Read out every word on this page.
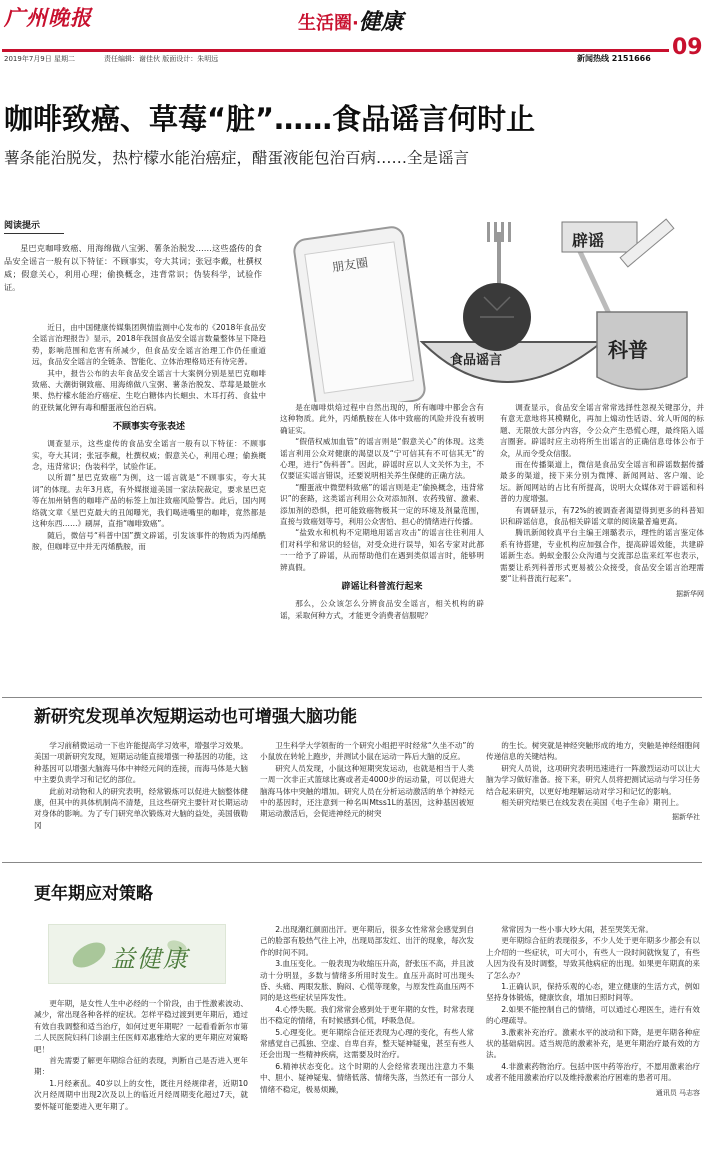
广州晚报	生活圈·健康
09
2019年7月9日 星期二	责任编辑：谢佳伙 版面设计：朱明远	新闻热线 2151666
咖啡致癌、草莓“脏”……食品谣言何时止
薯条能治脱发，热柠檬水能治癌症，醋蛋液能包治百病……全是谣言
阅读提示
星巴克咖啡致癌、用海绵做八宝粥、薯条治脱发……这些盛传的食品安全谣言一般有以下特征：不顾事实，夸大其词；张冠李戴，杜撰权威；假意关心，利用心理；偷换概念，违背常识；伪装科学，试验作证。
朋友圈
食品谣言
辟谣
科普

近日，由中国健康传媒集团舆情监测中心发布的《2018年食品安全谣言治理报告》显示，2018年我国食品安全谣言数量整体呈下降趋势，影响范围和危害有所减少，但食品安全谣言治理工作仍任重道远，食品安全谣言的全链条、智能化、立体治理格局还有待完善。

其中，报告公布的去年食品安全谣言十大案例分别是星巴克咖啡致癌、大潮街铜致癌、用海绵做八宝粥、薯条治脱发、草莓是最脏水果、热柠檬水能治疗癌症、生吃白糖体内长蛔虫、木耳打药、食盐中的亚铁氰化钾有毒和醋蛋液包治百病。

不顾事实夸张表述

调查显示，这些虚传的食品安全谣言一般有以下特征：不顾事实，夸大其词；张冠李戴，杜撰权威；假意关心，利用心理；偷换概念，违背常识；伪装科学，试验作证。

以所谓“星巴克致癌”为例，这一谣言就是“不顾事实，夸大其词”的体现。去年3月底，有外媒报道美国一家法院裁定，要求星巴克等在加州销售的咖啡产品的标签上加注致癌风险警告。此后，国内网络就文章《星巴克最大的丑闻曝光，我们喝进嘴里的咖啡，竟然都是这种东西……》刷屏，直指“咖啡致癌”。

随后，微信号“科普中国”撰文辟谣，引发该事件的物质为丙烯酰胺，但咖啡豆中并无丙烯酰胺，而

是在咖啡烘焙过程中自然出现的，所有咖啡中都会含有这种物质。此外，丙烯酰胺在人体中致癌的风险并没有被明确证实。

“假借权威加血管”的谣言则是“假意关心”的体现。这类谣言利用公众对健康的渴望以及“宁可信其有不可信其无”的心理，进行“伪科普”。因此，辟谣时应以人文关怀为主，不仅要证实谣言错误，还要说明相关养生保健的正确方法。

“醋蛋液中微塑料致癌”的谣言则是走“偷换概念，违背常识”的套路，这类谣言利用公众对添加剂、农药残留、激素、添加剂的恐惧，把可能致癌物极其一定的环境及剂量范围，直接与致癌划等号，利用公众害怕、担心的情绪进行传播。

“盐致水和机构不定期地用谣言攻击”的谣言往往利用人们对科学和常识的轻信，对受众进行误导，知名专家对此都一一给予了辟谣，从而帮助他们在遇到类似谣言时，能够明辨真假。

辟谣让科普流行起来

那么，公众该怎么分辨食品安全谣言，相关机构的辟谣，采取何种方式，才能更令消费者信服呢？

调查显示，食品安全谣言常常选择性忽视关键部分，并有意无意地将其模糊化，再加上煽动性话语、耸人听闻的标题、无限放大部分内容，令公众产生恐慌心理，最终陷入谣言圈套。辟谣时应主动将所生出谣言的正确信息母体公布于众，从而令受众信服。

而在传播渠道上，微信是食品安全谣言和辟谣数据传播最多的渠道，接下来分别为微博、新闻网站、客户端、论坛。新闻网站的占比有所提高，说明大众媒体对于辟谣和科普的力度增强。

有调研显示，有72%的被调查者渴望得到更多的科普知识和辟谣信息，食品相关辟谣文章的阅读量普遍更高。

腾讯新闻较真平台主编王翊璐表示，理性的谣言鉴定体系有待搭建，专业机构应加强合作，提高辟谣效能，共建辟谣新生态。蚂蚁金服公众沟通与交流部总监来红军也表示，需要让系列科普形式更易被公众接受，食品安全谣言治理需要“让科普流行起来”。

据新华网
新研究发现单次短期运动也可增强大脑功能

学习前稍微运动一下也许能提高学习效率，增强学习效果。美国一项新研究发现，短期运动能直接增强一种基因的功能，这种基因可以增强大脑海马体中神经元间的连接，而海马体是大脑中主要负责学习和记忆的部位。

此前对动物和人的研究表明，经常锻炼可以促进大脑整体健康，但其中的具体机制尚不清楚，且这些研究主要针对长期运动对身体的影响。为了专门研究单次锻炼对大脑的益处，美国俄勒冈

卫生科学大学领衔的一个研究小组把平时经常“久坐不动”的小鼠放在转轮上跑步，并测试小鼠在运动一阵后大脑的反应。

研究人员发现，小鼠这种短期突发运动，也就是相当于人类一周一次非正式篮球比赛或者走4000步的运动量，可以促进大脑海马体中突触的增加。研究人员在分析运动激活的单个神经元中的基因时，还注意到一种名叫Mtss1L的基因，这种基因被短期运动激活后，会促进神经元的树突

的生长。树突就是神经突触形成的地方，突触是神经细胞间传递信息的关键结构。

研究人员说，这项研究表明迅速进行一阵激烈运动可以让大脑为学习做好准备。接下来，研究人员将把测试运动与学习任务结合起来研究，以更好地理解运动对学习和记忆的影响。

相关研究结果已在线发表在美国《电子生命》期刊上。

据新华社
更年期应对策略
益健康

更年期，是女性人生中必经的一个阶段，由于性激素波动、减少，常出现各种各样的症状。怎样平稳过渡到更年期后，通过有效自我调整和适当治疗，如何过更年期呢？一起看看新尔市第二人民医院妇科门诊副主任医师邓惠雅给大家的更年期应对策略吧！

首先需要了解更年期综合征的表现，判断自己是否进入更年期：

1.月经紊乱。40岁以上的女性，既往月经规律者，近期10次月经周期中出现2次及以上的临近月经周期变化超过7天，就要怀疑可能要进入更年期了。

2.出现潮红颜面出汗。更年期后，很多女性常常会感觉到自己的脸部有股热气往上冲，出现局部发红、出汗的现象，每次发作的时间不同。

3.血压变化。一般表现为收缩压升高，舒张压不高，并且波动十分明显，多数与情绪多所用时发生。血压升高时可出现头昏、头痛、两眼发胀、胸闷、心慌等现象，与原发性高血压两不同的是这些症状呈阵发性。

4.心悸失眠。我们常常会感到处于更年期的女性，时常表现出不稳定的情绪，有时候感到心慌，呼吸急促。

5.心理变化。更年期综合征还表现为心理的变化，有些人常常感觉自己孤独、空虚、自卑自弃，整天疑神疑鬼，甚至有些人还会出现一些精神疾病，这需要及时治疗。

6.精神状态变化。这个时期的人会经常表现出注意力不集中、胆小、疑神疑鬼、情绪低落、情绪失落，当然还有一部分人情绪不稳定，极易烦躁，

常常因为一些小事大吵大闹，甚至哭笑无常。

更年期综合征的表现很多，不少人处于更年期多少都会有以上介绍的一些症状，可大可小，有些人一段时间就恢复了，有些人因为没有及时调整，导致其他病症的出现。如果更年期真的来了怎么办？

1.正确认识，保持乐观的心态，建立健康的生活方式，例如坚持身体锻炼，健康饮食，增加日照时间等。

2.如果不能控制自己的情绪，可以通过心理医生，进行有效的心理疏导。

3.激素补充治疗。激素水平的波动和下降，是更年期各种症状的基础病因。适当规范的激素补充，是更年期治疗最有效的方法。

4.非激素药物治疗。包括中医中药等治疗，不愿用激素治疗或者不能用激素治疗以及维持激素治疗困难的患者可用。

通讯员 马志容
